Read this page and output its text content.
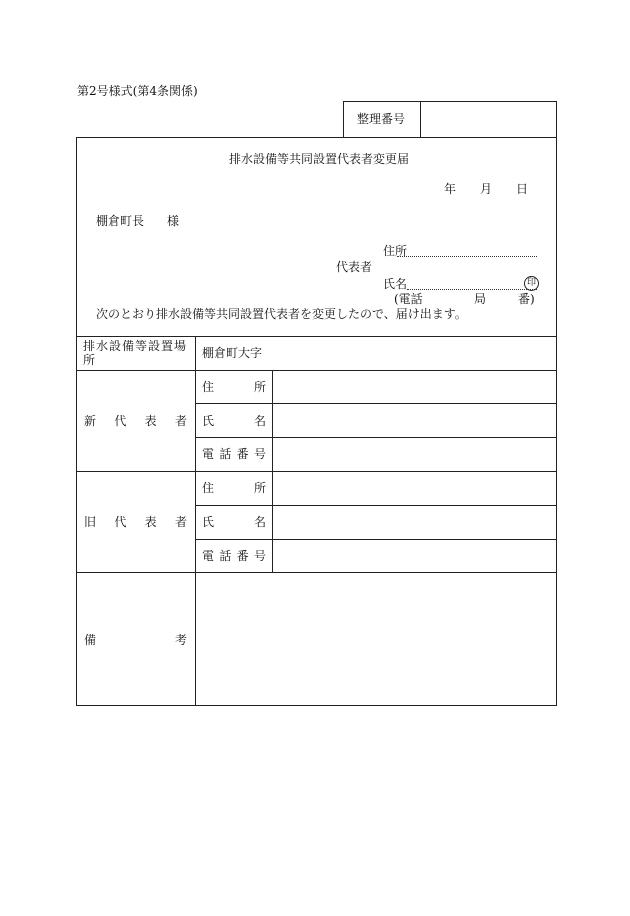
第2号様式(第4条関係)
整理番号
排水設備等共同設置代表者変更届
年 月 日
棚倉町長 様
住所
代表者
氏名	印
(電話	局	番)
次のとおり排水設備等共同設置代表者を変更したので、届け出ます。
排水設備等設置場所	棚倉町大字
新 代 表 者
住	所
氏	名
電 話 番 号
旧 代 表 者
住	所
氏	名
電 話 番 号
備	考
